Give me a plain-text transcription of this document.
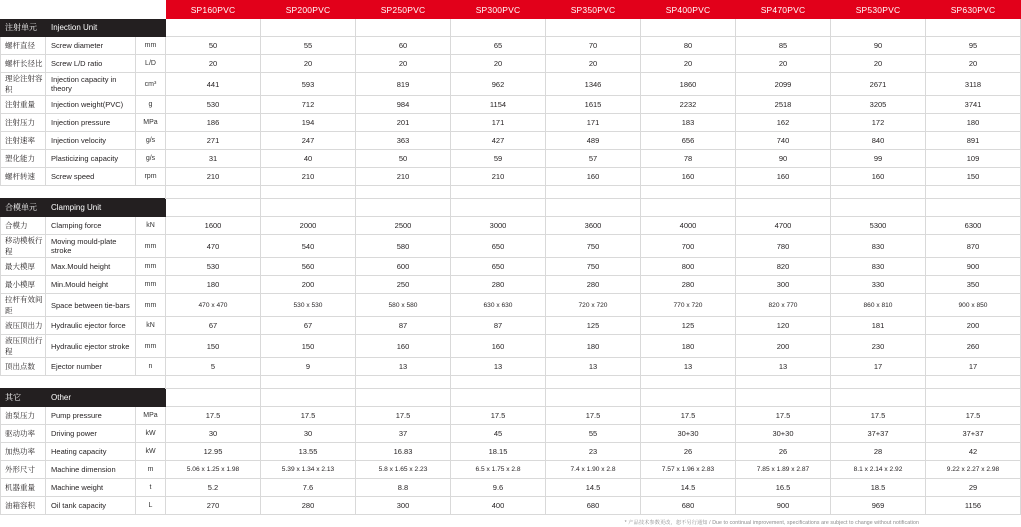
			SP160PVC	SP200PVC	SP250PVC	SP300PVC	SP350PVC	SP400PVC	SP470PVC	SP530PVC	SP630PVC
注射单元	Injection Unit										
螺杆直径	Screw diameter	mm	50	55	60	65	70	80	85	90	95
螺杆长径比	Screw L/D ratio	L/D	20	20	20	20	20	20	20	20	20
理论注射容积	Injection capacity in theory	cm³	441	593	819	962	1346	1860	2099	2671	3118
注射重量	Injection weight(PVC)	g	530	712	984	1154	1615	2232	2518	3205	3741
注射压力	Injection pressure	MPa	186	194	201	171	171	183	162	172	180
注射速率	Injection velocity	g/s	271	247	363	427	489	656	740	840	891
塑化能力	Plasticizing capacity	g/s	31	40	50	59	57	78	90	99	109
螺杆转速	Screw speed	rpm	210	210	210	210	160	160	160	160	150

合模单元	Clamping Unit										
合模力	Clamping force	kN	1600	2000	2500	3000	3600	4000	4700	5300	6300
移动模板行程	Moving mould-plate stroke	mm	470	540	580	650	750	700	780	830	870
最大模厚	Max.Mould height	mm	530	560	600	650	750	800	820	830	900
最小模厚	Min.Mould height	mm	180	200	250	280	280	280	300	330	350
拉杆有效间距	Space between tie-bars	mm	470 x 470	530 x 530	580 x 580	630 x 630	720 x 720	770 x 720	820 x 770	860 x 810	900 x 850
液压顶出力	Hydraulic ejector force	kN	67	67	87	87	125	125	120	181	200
液压顶出行程	Hydraulic ejector stroke	mm	150	150	160	160	180	180	200	230	260
顶出点数	Ejector number	n	5	9	13	13	13	13	13	17	17

其它	Other										
油泵压力	Pump pressure	MPa	17.5	17.5	17.5	17.5	17.5	17.5	17.5	17.5	17.5
驱动功率	Driving power	kW	30	30	37	45	55	30+30	30+30	37+37	37+37
加热功率	Heating capacity	kW	12.95	13.55	16.83	18.15	23	26	26	28	42
外形尺寸	Machine dimension	m	5.06 x 1.25 x 1.98	5.39 x 1.34 x 2.13	5.8 x 1.65 x 2.23	6.5 x 1.75 x 2.8	7.4 x 1.90 x 2.8	7.57 x 1.96 x 2.83	7.85 x 1.89 x 2.87	8.1 x 2.14 x 2.92	9.22 x 2.27 x 2.98
机器重量	Machine weight	t	5.2	7.6	8.8	9.6	14.5	14.5	16.5	18.5	29
油箱容积	Oil tank capacity	L	270	280	300	400	680	680	900	969	1156
* 产品技术参数更改，恕不另行通知 / Due to continual improvement, specifications are subject to change without notification
